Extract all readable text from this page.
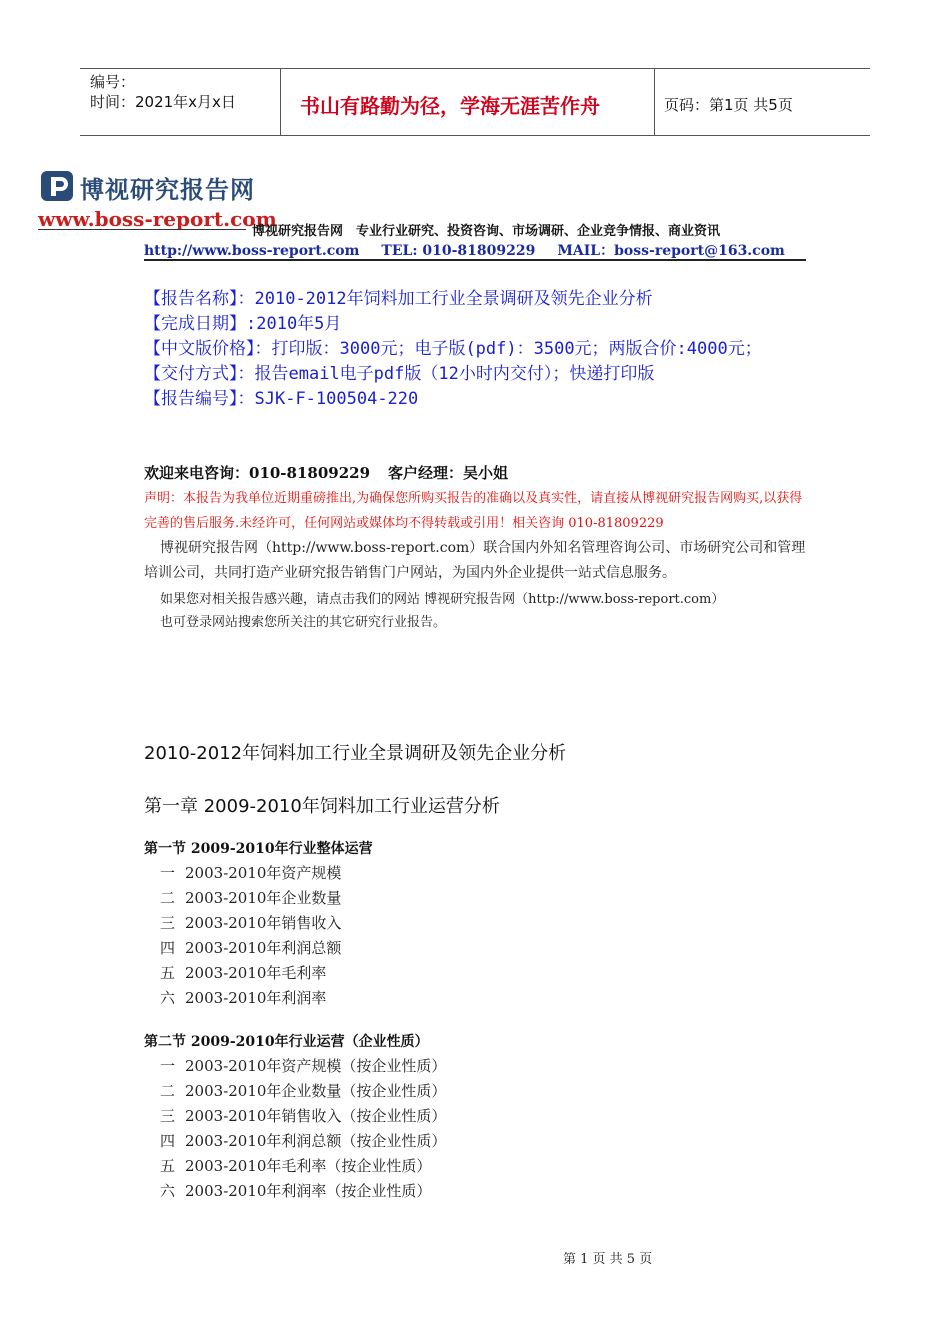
编号：
时间：2021年x月x日	书山有路勤为径，学海无涯苦作舟	页码：第1页 共5页
博视研究报告网
www.boss-report.com
博视研究报告网　专业行业研究、投资咨询、市场调研、企业竞争情报、商业资讯
http://www.boss-report.com TEL: 010-81809229 MAIL：boss-report@163.com
【报告名称】：2010-2012年饲料加工行业全景调研及领先企业分析
【完成日期】:2010年5月
【中文版价格】：打印版：3000元；电子版(pdf)：3500元；两版合价:4000元；
【交付方式】：报告email电子pdf版（12小时内交付）；快递打印版
【报告编号】：SJK-F-100504-220
欢迎来电咨询：010-81809229 客户经理：吴小姐
声明：本报告为我单位近期重磅推出,为确保您所购买报告的准确以及真实性，请直接从博视研究报告网购买,以获得完善的售后服务.未经许可，任何网站或媒体均不得转载或引用！相关咨询 010-81809229
博视研究报告网（http://www.boss-report.com）联合国内外知名管理咨询公司、市场研究公司和管理培训公司，共同打造产业研究报告销售门户网站，为国内外企业提供一站式信息服务。
如果您对相关报告感兴趣，请点击我们的网站 博视研究报告网（http://www.boss-report.com）
也可登录网站搜索您所关注的其它研究行业报告。
2010-2012年饲料加工行业全景调研及领先企业分析
第一章 2009-2010年饲料加工行业运营分析
第一节 2009-2010年行业整体运营
一 2003-2010年资产规模
二 2003-2010年企业数量
三 2003-2010年销售收入
四 2003-2010年利润总额
五 2003-2010年毛利率
六 2003-2010年利润率
第二节 2009-2010年行业运营（企业性质）
一 2003-2010年资产规模（按企业性质）
二 2003-2010年企业数量（按企业性质）
三 2003-2010年销售收入（按企业性质）
四 2003-2010年利润总额（按企业性质）
五 2003-2010年毛利率（按企业性质）
六 2003-2010年利润率（按企业性质）
第 1 页 共 5 页
